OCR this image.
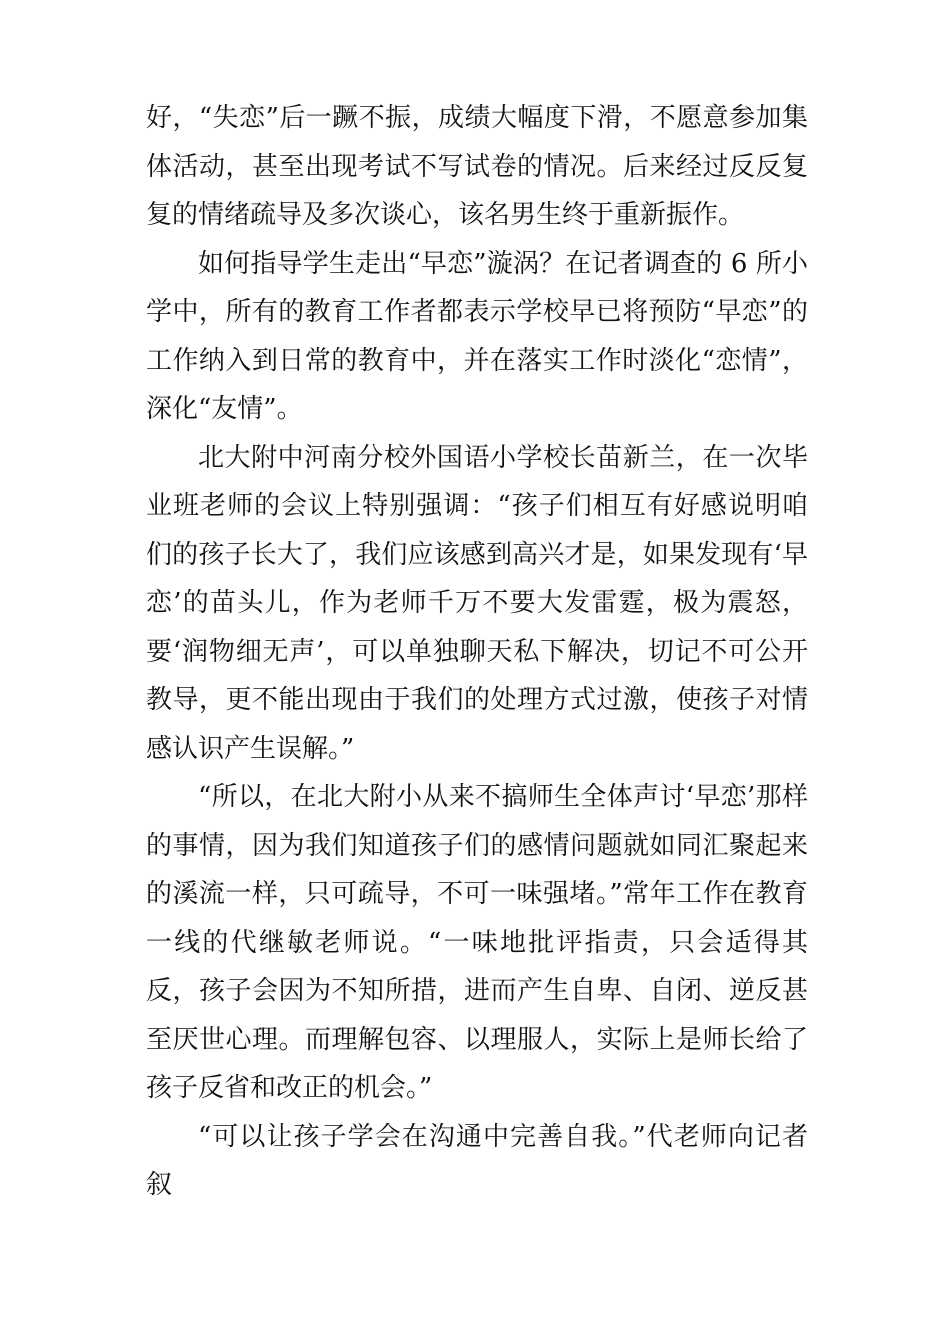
好，“失恋”后一蹶不振，成绩大幅度下滑，不愿意参加集体活动，甚至出现考试不写试卷的情况。后来经过反反复复的情绪疏导及多次谈心，该名男生终于重新振作。

如何指导学生走出“早恋”漩涡？在记者调查的 6 所小学中，所有的教育工作者都表示学校早已将预防“早恋”的工作纳入到日常的教育中，并在落实工作时淡化“恋情”，深化“友情”。

北大附中河南分校外国语小学校长苗新兰，在一次毕业班老师的会议上特别强调：“孩子们相互有好感说明咱们的孩子长大了，我们应该感到高兴才是，如果发现有‘早恋’的苗头儿，作为老师千万不要大发雷霆，极为震怒，要‘润物细无声’，可以单独聊天私下解决，切记不可公开教导，更不能出现由于我们的处理方式过激，使孩子对情感认识产生误解。”

“所以，在北大附小从来不搞师生全体声讨‘早恋’那样的事情，因为我们知道孩子们的感情问题就如同汇聚起来的溪流一样，只可疏导，不可一味强堵。”常年工作在教育一线的代继敏老师说。“一味地批评指责，只会适得其反，孩子会因为不知所措，进而产生自卑、自闭、逆反甚至厌世心理。而理解包容、以理服人，实际上是师长给了孩子反省和改正的机会。”

“可以让孩子学会在沟通中完善自我。”代老师向记者叙
